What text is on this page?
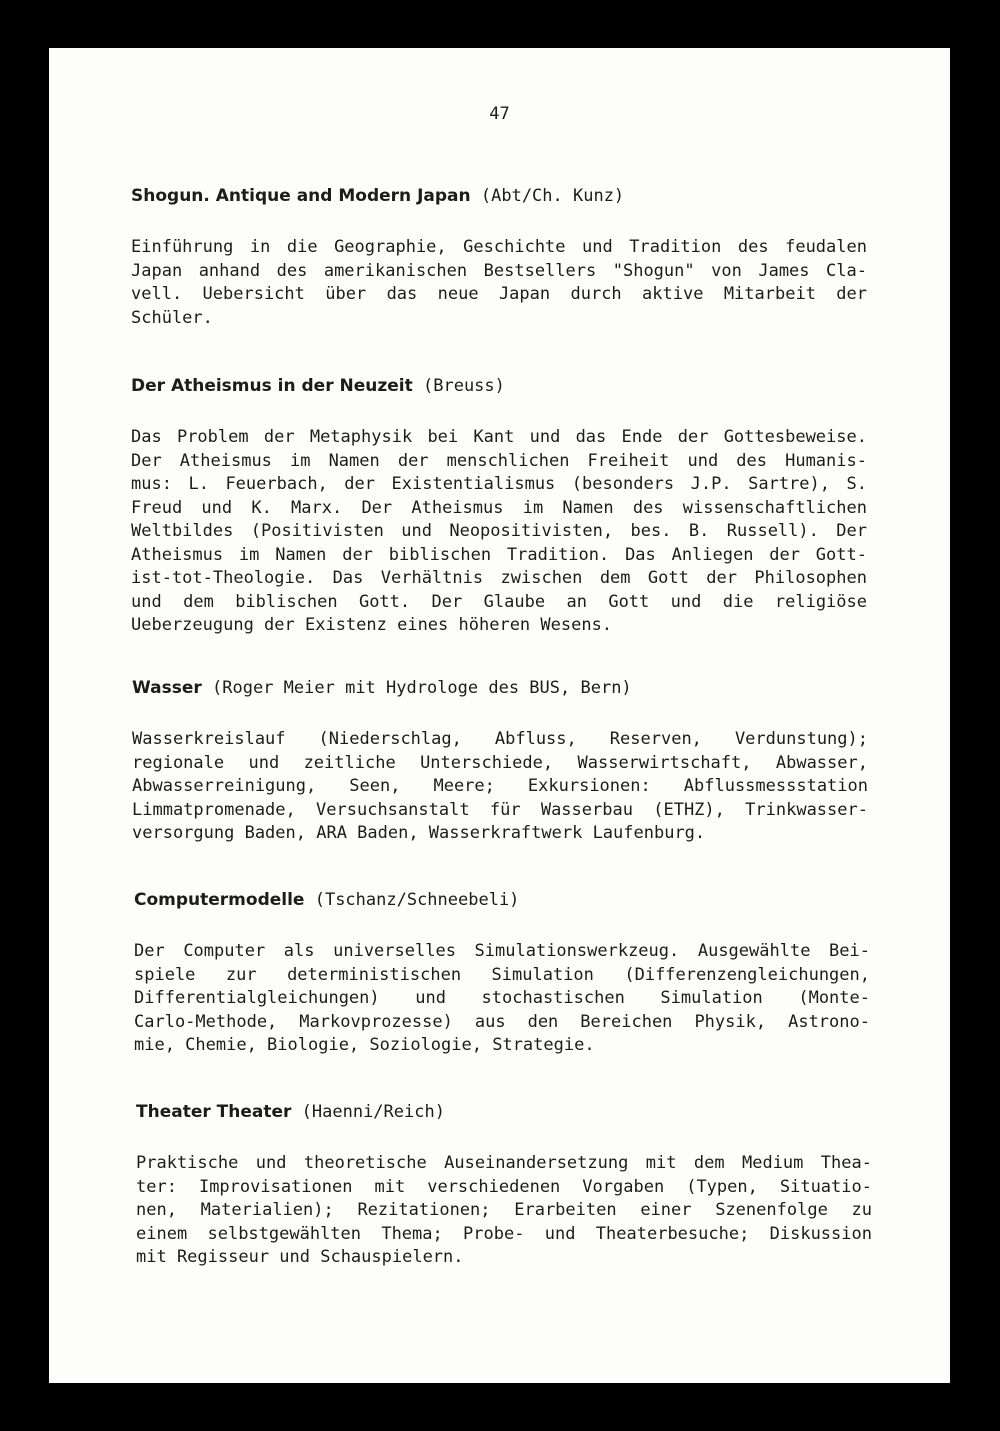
47
Shogun. Antique and Modern Japan (Abt/Ch. Kunz)
Einführung in die Geographie, Geschichte und Tradition des feudalen
Japan anhand des amerikanischen Bestsellers "Shogun" von James Cla-
vell. Uebersicht über das neue Japan durch aktive Mitarbeit der
Schüler.
Der Atheismus in der Neuzeit (Breuss)
Das Problem der Metaphysik bei Kant und das Ende der Gottesbeweise.
Der Atheismus im Namen der menschlichen Freiheit und des Humanis-
mus: L. Feuerbach, der Existentialismus (besonders J.P. Sartre), S.
Freud und K. Marx. Der Atheismus im Namen des wissenschaftlichen
Weltbildes (Positivisten und Neopositivisten, bes. B. Russell). Der
Atheismus im Namen der biblischen Tradition. Das Anliegen der Gott-
ist-tot-Theologie. Das Verhältnis zwischen dem Gott der Philosophen
und dem biblischen Gott. Der Glaube an Gott und die religiöse
Ueberzeugung der Existenz eines höheren Wesens.
Wasser (Roger Meier mit Hydrologe des BUS, Bern)
Wasserkreislauf (Niederschlag, Abfluss, Reserven, Verdunstung);
regionale und zeitliche Unterschiede, Wasserwirtschaft, Abwasser,
Abwasserreinigung, Seen, Meere; Exkursionen: Abflussmessstation
Limmatpromenade, Versuchsanstalt für Wasserbau (ETHZ), Trinkwasser-
versorgung Baden, ARA Baden, Wasserkraftwerk Laufenburg.
Computermodelle (Tschanz/Schneebeli)
Der Computer als universelles Simulationswerkzeug. Ausgewählte Bei-
spiele zur deterministischen Simulation (Differenzengleichungen,
Differentialgleichungen) und stochastischen Simulation (Monte-
Carlo-Methode, Markovprozesse) aus den Bereichen Physik, Astrono-
mie, Chemie, Biologie, Soziologie, Strategie.
Theater Theater (Haenni/Reich)
Praktische und theoretische Auseinandersetzung mit dem Medium Thea-
ter: Improvisationen mit verschiedenen Vorgaben (Typen, Situatio-
nen, Materialien); Rezitationen; Erarbeiten einer Szenenfolge zu
einem selbstgewählten Thema; Probe- und Theaterbesuche; Diskussion
mit Regisseur und Schauspielern.
